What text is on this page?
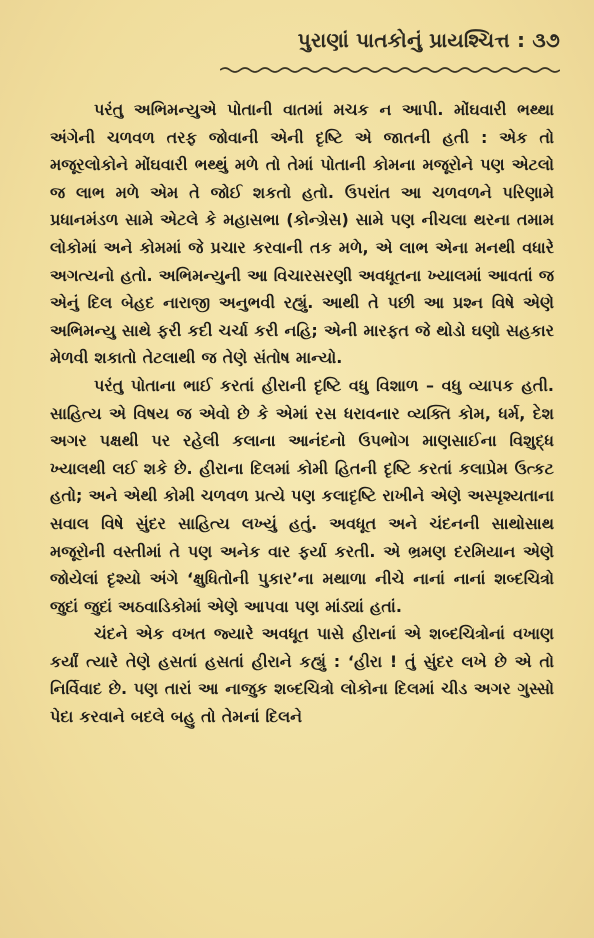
પુરાણાં પાતકોનું પ્રાયશ્ચિત્ત : ૩૭

પરંતુ અભિમન્યુએ પોતાની વાતમાં મચક ન આપી. મોંઘવારી ભથ્થા અંગેની ચળવળ તરફ જોવાની એની દૃષ્ટિ એ જાતની હતી : એક તો મજૂરલોકોને મોંઘવારી ભથ્થું મળે તો તેમાં પોતાની કોમના મજૂરોને પણ એટલો જ લાભ મળે એમ તે જોઈ શકતો હતો. ઉપરાંત આ ચળવળને પરિણામે પ્રધાનમંડળ સામે એટલે કે મહાસભા (કોન્ગ્રેસ) સામે પણ નીચલા થરના તમામ લોકોમાં અને કોમમાં જે પ્રચાર કરવાની તક મળે, એ લાભ એના મનથી વધારે અગત્યનો હતો. અભિમન્યુની આ વિચારસરણી અવધૂતના ખ્યાલમાં આવતાં જ એનું દિલ બેહદ નારાજી અનુભવી રહ્યું. આથી તે પછી આ પ્રશ્ન વિષે એણે અભિમન્યુ સાથે ફરી કદી ચર્ચા કરી નહિ; એની મારફત જે થોડો ઘણો સહકાર મેળવી શકાતો તેટલાથી જ તેણે સંતોષ માન્યો.

પરંતુ પોતાના ભાઈ કરતાં હીરાની દૃષ્ટિ વધુ વિશાળ – વધુ વ્યાપક હતી. સાહિત્ય એ વિષય જ એવો છે કે એમાં રસ ધરાવનાર વ્યક્તિ કોમ, ધર્મ, દેશ અગર પક્ષથી પર રહેલી કલાના આનંદનો ઉપભોગ માણસાઈના વિશુદ્ધ ખ્યાલથી લઈ શકે છે. હીરાના દિલમાં કોમી હિતની દૃષ્ટિ કરતાં કલાપ્રેમ ઉત્કટ હતો; અને એથી કોમી ચળવળ પ્રત્યે પણ કલાદૃષ્ટિ રાખીને એણે અસ્પૃશ્યતાના સવાલ વિષે સુંદર સાહિત્ય લખ્યું હતું. અવધૂત અને ચંદનની સાથોસાથ મજૂરોની વસ્તીમાં તે પણ અનેક વાર ફર્યા કરતી. એ ભ્રમણ દરમિયાન એણે જોયેલાં દૃશ્યો અંગે ‘ક્ષુધિતોની પુકાર’ના મથાળા નીચે નાનાં નાનાં શબ્દચિત્રો જુદાં જુદાં અઠવાડિકોમાં એણે આપવા પણ માંડ્યાં હતાં.

ચંદને એક વખત જ્યારે અવધૂત પાસે હીરાનાં એ શબ્દચિત્રોનાં વખાણ કર્યાં ત્યારે તેણે હસતાં હસતાં હીરાને કહ્યું : ‘હીરા ! તું સુંદર લખે છે એ તો નિર્વિવાદ છે. પણ તારાં આ નાજુક શબ્દચિત્રો લોકોના દિલમાં ચીડ અગર ગુસ્સો પેદા કરવાને બદલે બહુ તો તેમનાં દિલને
